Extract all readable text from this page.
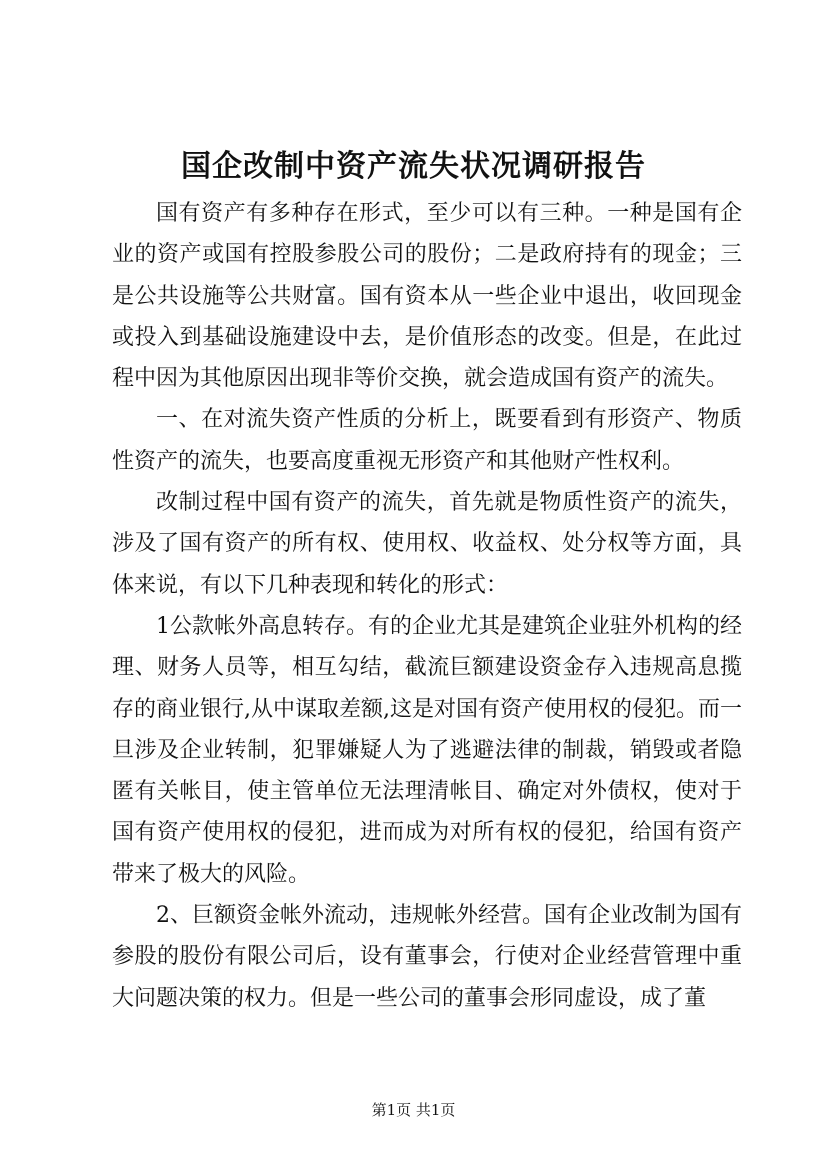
国企改制中资产流失状况调研报告

国有资产有多种存在形式，至少可以有三种。一种是国有企业的资产或国有控股参股公司的股份；二是政府持有的现金；三是公共设施等公共财富。国有资本从一些企业中退出，收回现金或投入到基础设施建设中去，是价值形态的改变。但是，在此过程中因为其他原因出现非等价交换，就会造成国有资产的流失。

一、在对流失资产性质的分析上，既要看到有形资产、物质性资产的流失，也要高度重视无形资产和其他财产性权利。

改制过程中国有资产的流失，首先就是物质性资产的流失，涉及了国有资产的所有权、使用权、收益权、处分权等方面，具体来说，有以下几种表现和转化的形式：

1公款帐外高息转存。有的企业尤其是建筑企业驻外机构的经理、财务人员等，相互勾结，截流巨额建设资金存入违规高息揽存的商业银行,从中谋取差额,这是对国有资产使用权的侵犯。而一旦涉及企业转制，犯罪嫌疑人为了逃避法律的制裁，销毁或者隐匿有关帐目，使主管单位无法理清帐目、确定对外债权，使对于国有资产使用权的侵犯，进而成为对所有权的侵犯，给国有资产带来了极大的风险。

2、巨额资金帐外流动，违规帐外经营。国有企业改制为国有参股的股份有限公司后，设有董事会，行使对企业经营管理中重大问题决策的权力。但是一些公司的董事会形同虚设，成了董

第1页 共1页
